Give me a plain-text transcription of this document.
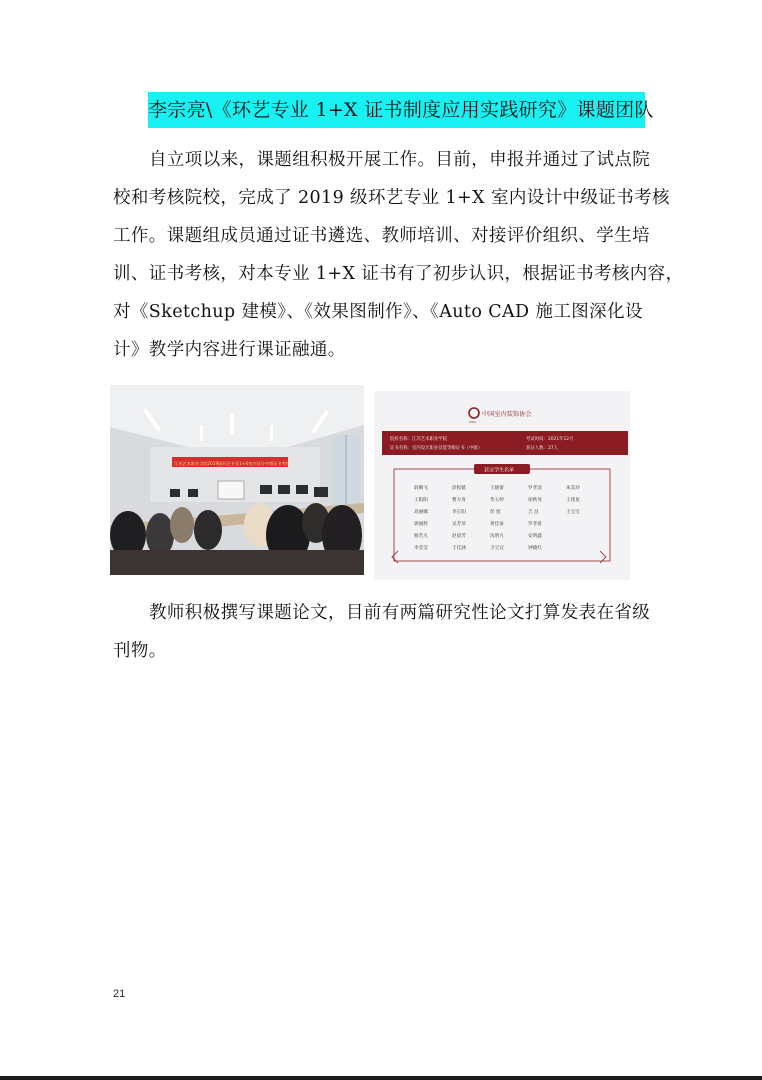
李宗亮\《环艺专业 1+X 证书制度应用实践研究》课题团队
自立项以来，课题组积极开展工作。目前，申报并通过了试点院
校和考核院校，完成了 2019 级环艺专业 1+X 室内设计中级证书考核
工作。课题组成员通过证书遴选、教师培训、对接评价组织、学生培
训、证书考核，对本专业 1+X 证书有了初步认识，根据证书考核内容，
对《Sketchup 建模》、《效果图制作》、《Auto CAD 施工图深化设
计》教学内容进行课证融通。
江苏艺术职业学院2019级环艺专业1+X室内设计中级证书考核
CIDA
中国室内装饰协会
院校名称：江苏艺术职业学院
证书名称：室内设计职业技能等级证书（中级）
考试时间：2021年12月
获证人数：27人
获证学生名单
薛腾飞	涂程薇	王晓蕾	罗孝浪	朱美玲
王阳阳	曹方青	华玉婷	徐秋英	王建星
高丽娜	李正阳	彭 旭	吉 昌	王宝宝
郭丽辉	吴芳菲	黄佳豪	罗孝希
杨若凡	赵晨芳	沈明月	安明鑫
李莹莹	王佳涵	卫宝宜	钟晓红
教师积极撰写课题论文，目前有两篇研究性论文打算发表在省级
刊物。
21
